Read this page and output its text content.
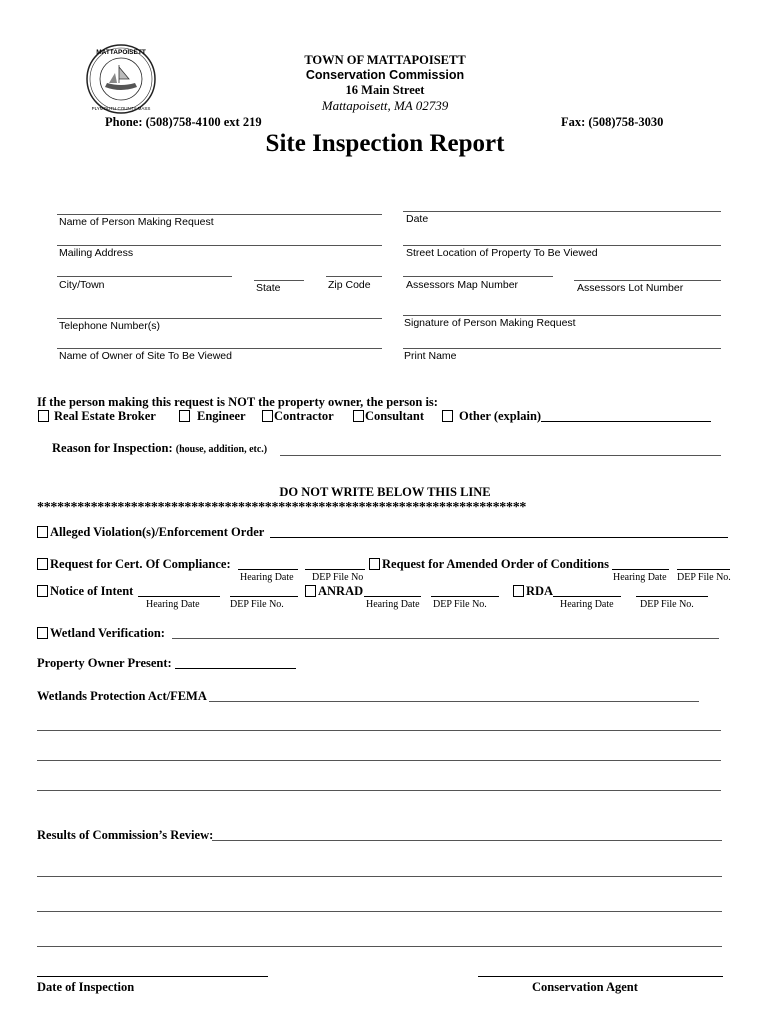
MATTAPOISETT
PLYMOUTH COUNTY MASS
TOWN OF MATTAPOISETT
Conservation Commission
16 Main Street
Mattapoisett, MA 02739
Phone: (508)758-4100 ext 219	Fax: (508)758-3030
Site Inspection Report
Name of Person Making Request	Date
Mailing Address	Street Location of Property To Be Viewed
City/Town	State	Zip Code	Assessors Map Number	Assessors Lot Number
Telephone Number(s)	Signature of Person Making Request
Name of Owner of Site To Be Viewed	Print Name
If the person making this request is NOT the property owner, the person is:
Real Estate Broker	Engineer Contractor	Consultant	Other (explain)
Reason for Inspection: (house, addition, etc.)
DO NOT WRITE BELOW THIS LINE
*************************************************************************
Alleged Violation(s)/Enforcement Order
Request for Cert. Of Compliance:	Request for Amended Order of Conditions
Hearing Date DEP File No	Hearing Date DEP File No.
Notice of Intent	ANRAD	RDA
Hearing Date	DEP File No.	Hearing Date DEP File No.	Hearing Date	DEP File No.
Wetland Verification:
Property Owner Present:
Wetlands Protection Act/FEMA
Results of Commission’s Review:
Date of Inspection	Conservation Agent
